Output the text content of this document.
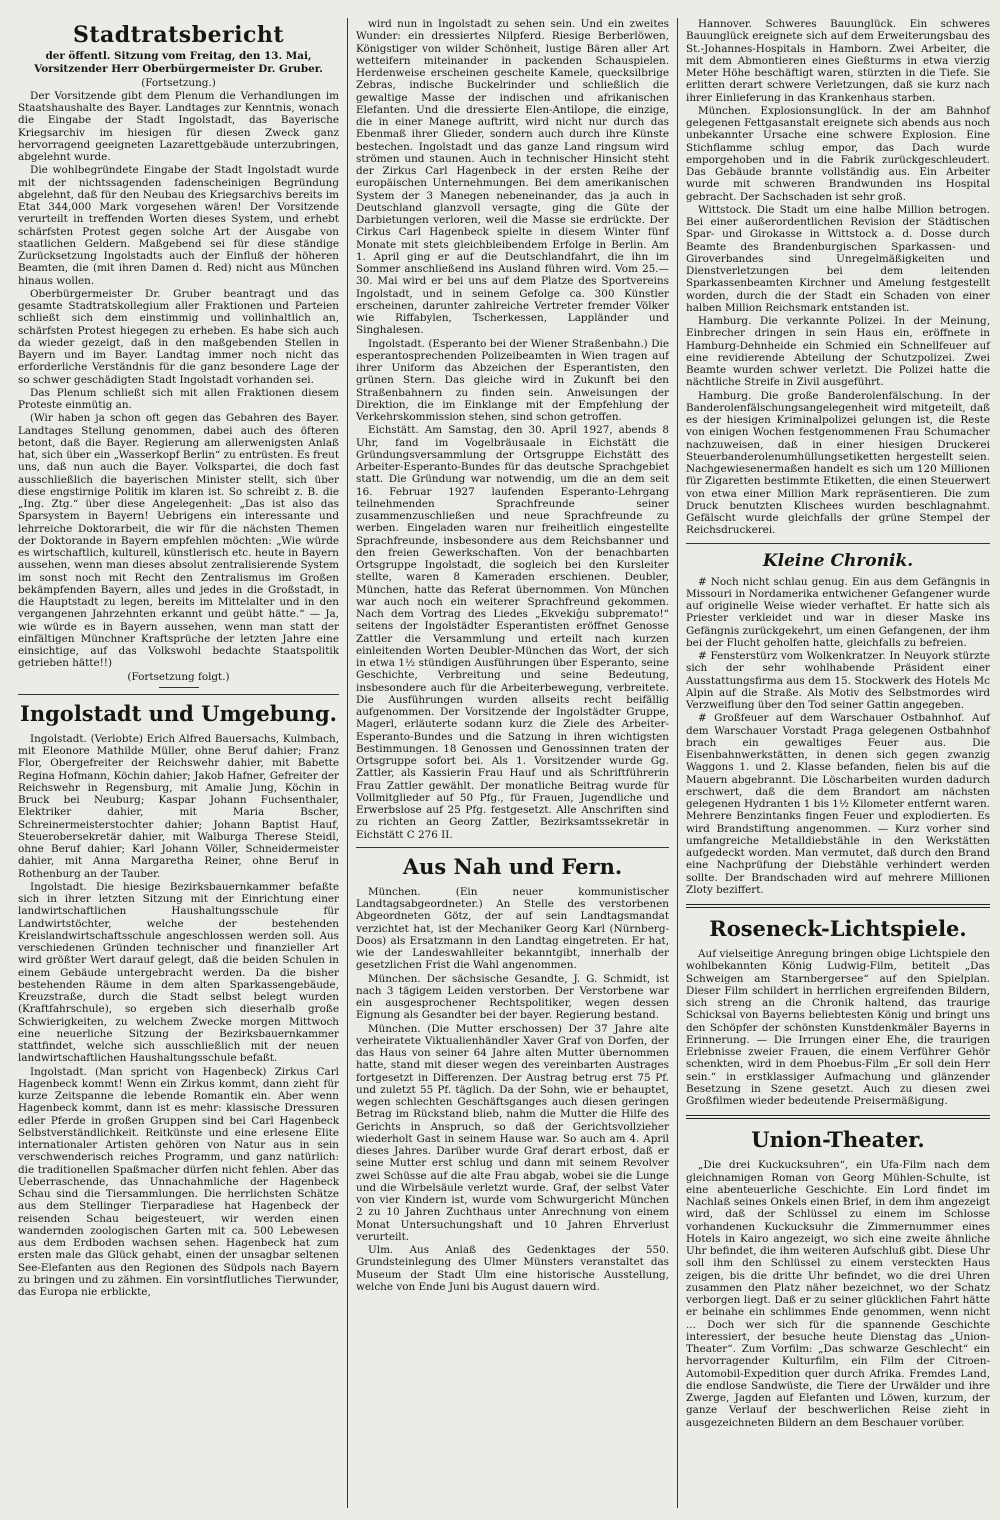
Stadtratsbericht

der öffentl. Sitzung vom Freitag, den 13. Mai,

Vorsitzender Herr Oberbürgermeister Dr. Gruber.

(Fortsetzung.)

Der Vorsitzende gibt dem Plenum die Verhandlungen im Staatshaushalte des Bayer. Landtages zur Kenntnis, wonach die Eingabe der Stadt Ingolstadt, das Bayerische Kriegsarchiv im hiesigen für diesen Zweck ganz hervorragend geeigneten Lazarettgebäude unterzubringen, abgelehnt wurde.

Die wohlbegründete Eingabe der Stadt Ingolstadt wurde mit der nichtssagenden fadenscheinigen Begründung abgelehnt, daß für den Neubau des Kriegsarchivs bereits im Etat 344,000 Mark vorgesehen wären! Der Vorsitzende verurteilt in treffenden Worten dieses System, und erhebt schärfsten Protest gegen solche Art der Ausgabe von staatlichen Geldern. Maßgebend sei für diese ständige Zurücksetzung Ingolstadts auch der Einfluß der höheren Beamten, die (mit ihren Damen d. Red) nicht aus München hinaus wollen.

Oberbürgermeister Dr. Gruber beantragt und das gesamte Stadtratskollegium aller Fraktionen und Parteien schließt sich dem einstimmig und vollinhaltlich an, schärfsten Protest hiegegen zu erheben. Es habe sich auch da wieder gezeigt, daß in den maßgebenden Stellen in Bayern und im Bayer. Landtag immer noch nicht das erforderliche Verständnis für die ganz besondere Lage der so schwer geschädigten Stadt Ingolstadt vorhanden sei.

Das Plenum schließt sich mit allen Fraktionen diesem Proteste einmütig an.

(Wir haben ja schon oft gegen das Gebahren des Bayer. Landtages Stellung genommen, dabei auch des öfteren betont, daß die Bayer. Regierung am allerwenigsten Anlaß hat, sich über ein „Wasserkopf Berlin“ zu entrüsten. Es freut uns, daß nun auch die Bayer. Volkspartei, die doch fast ausschließlich die bayerischen Minister stellt, sich über diese engstirnige Politik im klaren ist. So schreibt z. B. die „Ing. Ztg.“ über diese Angelegenheit: „Das ist also das Sparsystem in Bayern! Uebrigens ein interessante und lehrreiche Doktorarbeit, die wir für die nächsten Themen der Doktorande in Bayern empfehlen möchten: „Wie würde es wirtschaftlich, kulturell, künstlerisch etc. heute in Bayern aussehen, wenn man dieses absolut zentralisierende System im sonst noch mit Recht den Zentralismus im Großen bekämpfenden Bayern, alles und jedes in die Großstadt, in die Hauptstadt zu legen, bereits im Mittelalter und in den vergangenen Jahrzehnten erkannt und geübt hätte.“ — Ja, wie würde es in Bayern aussehen, wenn man statt der einfältigen Münchner Kraftsprüche der letzten Jahre eine einsichtige, auf das Volkswohl bedachte Staatspolitik getrieben hätte!!)

(Fortsetzung folgt.)

Ingolstadt und Umgebung.

Ingolstadt. (Verlobte) Erich Alfred Bauersachs, Kulmbach, mit Eleonore Mathilde Müller, ohne Beruf dahier; Franz Flor, Obergefreiter der Reichswehr dahier, mit Babette Regina Hofmann, Köchin dahier; Jakob Hafner, Gefreiter der Reichswehr in Regensburg, mit Amalie Jung, Köchin in Bruck bei Neuburg; Kaspar Johann Fuchsenthaler, Elektriker dahier, mit Maria Bscher, Schreinermeisterstochter dahier; Johann Baptist Hauf, Steuerobersekretär dahier, mit Walburga Therese Steidl, ohne Beruf dahier; Karl Johann Völler, Schneidermeister dahier, mit Anna Margaretha Reiner, ohne Beruf in Rothenburg an der Tauber.

Ingolstadt. Die hiesige Bezirksbauernkammer befaßte sich in ihrer letzten Sitzung mit der Einrichtung einer landwirtschaftlichen Haushaltungsschule für Landwirtstöchter, welche der bestehenden Kreislandwirtschaftsschule angeschlossen werden soll. Aus verschiedenen Gründen technischer und finanzieller Art wird größter Wert darauf gelegt, daß die beiden Schulen in einem Gebäude untergebracht werden. Da die bisher bestehenden Räume in dem alten Sparkassengebäude, Kreuzstraße, durch die Stadt selbst belegt wurden (Kraftfahrschule), so ergeben sich dieserhalb große Schwierigkeiten, zu welchem Zwecke morgen Mittwoch eine neuerliche Sitzung der Bezirksbauernkammer stattfindet, welche sich ausschließlich mit der neuen landwirtschaftlichen Haushaltungsschule befaßt.

Ingolstadt. (Man spricht von Hagenbeck) Zirkus Carl Hagenbeck kommt! Wenn ein Zirkus kommt, dann zieht für kurze Zeitspanne die lebende Romantik ein. Aber wenn Hagenbeck kommt, dann ist es mehr: klassische Dressuren edler Pferde in großen Gruppen sind bei Carl Hagenbeck Selbstverständlichkeit. Reitkünste und eine erlesene Elite internationaler Artisten gehören von Natur aus in sein verschwenderisch reiches Programm, und ganz natürlich: die traditionellen Spaßmacher dürfen nicht fehlen. Aber das Ueberraschende, das Unnachahmliche der Hagenbeck Schau sind die Tiersammlungen. Die herrlichsten Schätze aus dem Stellinger Tierparadiese hat Hagenbeck der reisenden Schau beigesteuert, wir werden einen wandernden zoologischen Garten mit ca. 500 Lebewesen aus dem Erdboden wachsen sehen. Hagenbeck hat zum ersten male das Glück gehabt, einen der unsagbar seltenen See-Elefanten aus den Regionen des Südpols nach Bayern zu bringen und zu zähmen. Ein vorsintflutliches Tierwunder, das Europa nie erblickte,

wird nun in Ingolstadt zu sehen sein. Und ein zweites Wunder: ein dressiertes Nilpferd. Riesige Berberlöwen, Königstiger von wilder Schönheit, lustige Bären aller Art wetteifern miteinander in packenden Schauspielen. Herdenweise erscheinen gescheite Kamele, quecksilbrige Zebras, indische Buckelrinder und schließlich die gewaltige Masse der indischen und afrikanischen Elefanten. Und die dressierte Elen-Antilope, die einzige, die in einer Manege auftritt, wird nicht nur durch das Ebenmaß ihrer Glieder, sondern auch durch ihre Künste bestechen. Ingolstadt und das ganze Land ringsum wird strömen und staunen. Auch in technischer Hinsicht steht der Zirkus Carl Hagenbeck in der ersten Reihe der europäischen Unternehmungen. Bei dem amerikanischen System der 3 Manegen nebeneinander, das ja auch in Deutschland glanzvoll versagte, ging die Güte der Darbietungen verloren, weil die Masse sie erdrückte. Der Cirkus Carl Hagenbeck spielte in diesem Winter fünf Monate mit stets gleichbleibendem Erfolge in Berlin. Am 1. April ging er auf die Deutschlandfahrt, die ihn im Sommer anschließend ins Ausland führen wird. Vom 25.—30. Mai wird er bei uns auf dem Platze des Sportvereins Ingolstadt, und in seinem Gefolge ca. 300 Künstler erscheinen, darunter zahlreiche Vertreter fremder Völker wie Riffabylen, Tscherkessen, Lappländer und Singhalesen.

Ingolstadt. (Esperanto bei der Wiener Straßenbahn.) Die esperantosprechenden Polizeibeamten in Wien tragen auf ihrer Uniform das Abzeichen der Esperantisten, den grünen Stern. Das gleiche wird in Zukunft bei den Straßenbahnern zu finden sein. Anweisungen der Direktion, die im Einklange mit der Empfehlung der Verkehrskommission stehen, sind schon getroffen.

Eichstätt. Am Samstag, den 30. April 1927, abends 8 Uhr, fand im Vogelbräusaale in Eichstätt die Gründungsversammlung der Ortsgruppe Eichstätt des Arbeiter-Esperanto-Bundes für das deutsche Sprachgebiet statt. Die Gründung war notwendig, um die an dem seit 16. Februar 1927 laufenden Esperanto-Lehrgang teilnehmenden Sprachfreunde seiner zusammenzuschließen und neue Sprachfreunde zu werben. Eingeladen waren nur freiheitlich eingestellte Sprachfreunde, insbesondere aus dem Reichsbanner und den freien Gewerkschaften. Von der benachbarten Ortsgruppe Ingolstadt, die sogleich bei den Kursleiter stellte, waren 8 Kameraden erschienen. Deubler, München, hatte das Referat übernommen. Von München war auch noch ein weiterer Sprachfreund gekommen. Nach dem Vortrag des Liedes „Ekvekiĝu subpremato!“ seitens der Ingolstädter Esperantisten eröffnet Genosse Zattler die Versammlung und erteilt nach kurzen einleitenden Worten Deubler-München das Wort, der sich in etwa 1½ stündigen Ausführungen über Esperanto, seine Geschichte, Verbreitung und seine Bedeutung, insbesondere auch für die Arbeiterbewegung, verbreitete. Die Ausführungen wurden allseits recht beifällig aufgenommen. Der Vorsitzende der Ingolstädter Gruppe, Magerl, erläuterte sodann kurz die Ziele des Arbeiter-Esperanto-Bundes und die Satzung in ihren wichtigsten Bestimmungen. 18 Genossen und Genossinnen traten der Ortsgruppe sofort bei. Als 1. Vorsitzender wurde Gg. Zattler, als Kassierin Frau Hauf und als Schriftführerin Frau Zattler gewählt. Der monatliche Beitrag wurde für Vollmitglieder auf 50 Pfg., für Frauen, Jugendliche und Erwerbslose auf 25 Pfg. festgesetzt. Alle Anschriften sind zu richten an Georg Zattler, Bezirksamtssekretär in Eichstätt C 276 II.

Aus Nah und Fern.

München. (Ein neuer kommunistischer Landtagsabgeordneter.) An Stelle des verstorbenen Abgeordneten Götz, der auf sein Landtagsmandat verzichtet hat, ist der Mechaniker Georg Karl (Nürnberg-Doos) als Ersatzmann in den Landtag eingetreten. Er hat, wie der Landeswahlleiter bekanntgibt, innerhalb der gesetzlichen Frist die Wahl angenommen.

München. Der sächsische Gesandte, J. G. Schmidt, ist nach 3 tägigem Leiden verstorben. Der Verstorbene war ein ausgesprochener Rechtspolitiker, wegen dessen Eignung als Gesandter bei der bayer. Regierung bestand.

München. (Die Mutter erschossen) Der 37 Jahre alte verheiratete Viktualienhändler Xaver Graf von Dorfen, der das Haus von seiner 64 Jahre alten Mutter übernommen hatte, stand mit dieser wegen des vereinbarten Austrages fortgesetzt in Differenzen. Der Austrag betrug erst 75 Pf. und zuletzt 55 Pf. täglich. Da der Sohn, wie er behauptet, wegen schlechten Geschäftsganges auch diesen geringen Betrag im Rückstand blieb, nahm die Mutter die Hilfe des Gerichts in Anspruch, so daß der Gerichtsvollzieher wiederholt Gast in seinem Hause war. So auch am 4. April dieses Jahres. Darüber wurde Graf derart erbost, daß er seine Mutter erst schlug und dann mit seinem Revolver zwei Schüsse auf die alte Frau abgab, wobei sie die Lunge und die Wirbelsäule verletzt wurde. Graf, der selbst Vater von vier Kindern ist, wurde vom Schwurgericht München 2 zu 10 Jahren Zuchthaus unter Anrechnung von einem Monat Untersuchungshaft und 10 Jahren Ehrverlust verurteilt.

Ulm. Aus Anlaß des Gedenktages der 550. Grundsteinlegung des Ulmer Münsters veranstaltet das Museum der Stadt Ulm eine historische Ausstellung, welche von Ende Juni bis August dauern wird.

Hannover. Schweres Bauunglück. Ein schweres Bauunglück ereignete sich auf dem Erweiterungsbau des St.-Johannes-Hospitals in Hamborn. Zwei Arbeiter, die mit dem Abmontieren eines Gießturms in etwa vierzig Meter Höhe beschäftigt waren, stürzten in die Tiefe. Sie erlitten derart schwere Verletzungen, daß sie kurz nach ihrer Einlieferung in das Krankenhaus starben.

München. Explosionsunglück. In der am Bahnhof gelegenen Fettgasanstalt ereignete sich abends aus noch unbekannter Ursache eine schwere Explosion. Eine Stichflamme schlug empor, das Dach wurde emporgehoben und in die Fabrik zurückgeschleudert. Das Gebäude brannte vollständig aus. Ein Arbeiter wurde mit schweren Brandwunden ins Hospital gebracht. Der Sachschaden ist sehr groß.

Wittstock. Die Stadt um eine halbe Million betrogen. Bei einer außerordentlichen Revision der Städtischen Spar- und Girokasse in Wittstock a. d. Dosse durch Beamte des Brandenburgischen Sparkassen- und Giroverbandes sind Unregelmäßigkeiten und Dienstverletzungen bei dem leitenden Sparkassenbeamten Kirchner und Amelung festgestellt worden, durch die der Stadt ein Schaden von einer halben Million Reichsmark entstanden ist.

Hamburg. Die verkannte Polizei. In der Meinung, Einbrecher dringen in sein Haus ein, eröffnete in Hamburg-Dehnheide ein Schmied ein Schnellfeuer auf eine revidierende Abteilung der Schutzpolizei. Zwei Beamte wurden schwer verletzt. Die Polizei hatte die nächtliche Streife in Zivil ausgeführt.

Hamburg. Die große Banderolenfälschung. In der Banderolenfälschungsangelegenheit wird mitgeteilt, daß es der hiesigen Kriminalpolizei gelungen ist, die Reste von einigen Wochen festgenommenen Frau Schumacher nachzuweisen, daß in einer hiesigen Druckerei Steuerbanderolenumhüllungsetiketten hergestellt seien. Nachgewiesenermaßen handelt es sich um 120 Millionen für Zigaretten bestimmte Etiketten, die einen Steuerwert von etwa einer Million Mark repräsentieren. Die zum Druck benutzten Klischees wurden beschlagnahmt. Gefälscht wurde gleichfalls der grüne Stempel der Reichsdruckerei.

Kleine Chronik.

# Noch nicht schlau genug. Ein aus dem Gefängnis in Missouri in Nordamerika entwichener Gefangener wurde auf originelle Weise wieder verhaftet. Er hatte sich als Priester verkleidet und war in dieser Maske ins Gefängnis zurückgekehrt, um einen Gefangenen, der ihm bei der Flucht geholfen hatte, gleichfalls zu befreien.

# Fensterstürz vom Wolkenkratzer. In Neuyork stürzte sich der sehr wohlhabende Präsident einer Ausstattungsfirma aus dem 15. Stockwerk des Hotels Mc Alpin auf die Straße. Als Motiv des Selbstmordes wird Verzweiflung über den Tod seiner Gattin angegeben.

# Großfeuer auf dem Warschauer Ostbahnhof. Auf dem Warschauer Vorstadt Praga gelegenen Ostbahnhof brach ein gewaltiges Feuer aus. Die Eisenbahnwerkstätten, in denen sich gegen zwanzig Waggons 1. und 2. Klasse befanden, fielen bis auf die Mauern abgebrannt. Die Löscharbeiten wurden dadurch erschwert, daß die dem Brandort am nächsten gelegenen Hydranten 1 bis 1½ Kilometer entfernt waren. Mehrere Benzintanks fingen Feuer und explodierten. Es wird Brandstiftung angenommen. — Kurz vorher sind umfangreiche Metalldiebstähle in den Werkstätten aufgedeckt worden. Man vermutet, daß durch den Brand eine Nachprüfung der Diebstähle verhindert werden sollte. Der Brandschaden wird auf mehrere Millionen Zloty beziffert.

Roseneck-Lichtspiele.

Auf vielseitige Anregung bringen obige Lichtspiele den wohlbekannten König Ludwig-Film, betitelt „Das Schweigen am Starnbergersee“ auf den Spielplan. Dieser Film schildert in herrlichen ergreifenden Bildern, sich streng an die Chronik haltend, das traurige Schicksal von Bayerns beliebtesten König und bringt uns den Schöpfer der schönsten Kunstdenkmäler Bayerns in Erinnerung. — Die Irrungen einer Ehe, die traurigen Erlebnisse zweier Frauen, die einem Verführer Gehör schenkten, wird in dem Phoebus-Film „Er soll dein Herr sein.“ in erstklassiger Aufmachung und glänzender Besetzung in Szene gesetzt. Auch zu diesen zwei Großfilmen wieder bedeutende Preisermäßigung.

Union-Theater.

„Die drei Kuckucksuhren“, ein Ufa-Film nach dem gleichnamigen Roman von Georg Mühlen-Schulte, ist eine abenteuerliche Geschichte. Ein Lord findet im Nachlaß seines Onkels einen Brief, in dem ihm angezeigt wird, daß der Schlüssel zu einem im Schlosse vorhandenen Kuckucksuhr die Zimmernummer eines Hotels in Kairo angezeigt, wo sich eine zweite ähnliche Uhr befindet, die ihm weiteren Aufschluß gibt. Diese Uhr soll ihm den Schlüssel zu einem versteckten Haus zeigen, bis die dritte Uhr befindet, wo die drei Uhren zusammen den Platz näher bezeichnet, wo der Schatz verborgen liegt. Daß er zu seiner glücklichen Fahrt hätte er beinahe ein schlimmes Ende genommen, wenn nicht ... Doch wer sich für die spannende Geschichte interessiert, der besuche heute Dienstag das „Union-Theater“. Zum Vorfilm: „Das schwarze Geschlecht“ ein hervorragender Kulturfilm, ein Film der Citroen-Automobil-Expedition quer durch Afrika. Fremdes Land, die endlose Sandwüste, die Tiere der Urwälder und ihre Zwerge, Jagden auf Elefanten und Löwen, kurzum, der ganze Verlauf der beschwerlichen Reise zieht in ausgezeichneten Bildern an dem Beschauer vorüber.
